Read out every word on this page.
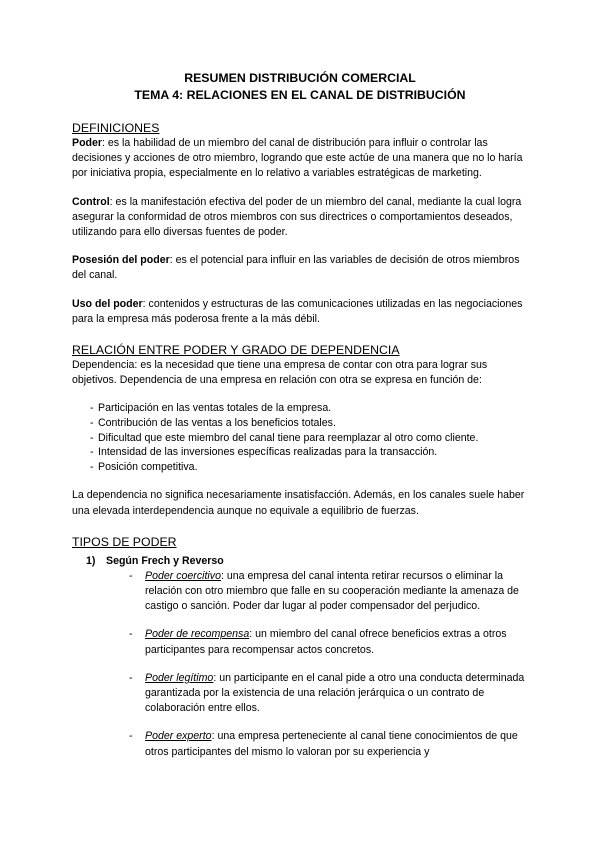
RESUMEN DISTRIBUCIÓN COMERCIAL
TEMA 4: RELACIONES EN EL CANAL DE DISTRIBUCIÓN
DEFINICIONES

Poder: es la habilidad de un miembro del canal de distribución para influir o controlar las decisiones y acciones de otro miembro, logrando que este actúe de una manera que no lo haría por iniciativa propia, especialmente en lo relativo a variables estratégicas de marketing.

Control: es la manifestación efectiva del poder de un miembro del canal, mediante la cual logra asegurar la conformidad de otros miembros con sus directrices o comportamientos deseados, utilizando para ello diversas fuentes de poder.

Posesión del poder: es el potencial para influir en las variables de decisión de otros miembros del canal.

Uso del poder: contenidos y estructuras de las comunicaciones utilizadas en las negociaciones para la empresa más poderosa frente a la más débil.

RELACIÓN ENTRE PODER Y GRADO DE DEPENDENCIA

Dependencia: es la necesidad que tiene una empresa de contar con otra para lograr sus objetivos. Dependencia de una empresa en relación con otra se expresa en función de:

- Participación en las ventas totales de la empresa.
- Contribución de las ventas a los beneficios totales.
- Dificultad que este miembro del canal tiene para reemplazar al otro como cliente.
- Intensidad de las inversiones específicas realizadas para la transacción.
- Posición competitiva.

La dependencia no significa necesariamente insatisfacción. Además, en los canales suele haber una elevada interdependencia aunque no equivale a equilibrio de fuerzas.

TIPOS DE PODER
1) Según Frech y Reverso
- Poder coercitivo: una empresa del canal intenta retirar recursos o eliminar la relación con otro miembro que falle en su cooperación mediante la amenaza de castigo o sanción. Poder dar lugar al poder compensador del perjudico.
- Poder de recompensa: un miembro del canal ofrece beneficios extras a otros participantes para recompensar actos concretos.
- Poder legítimo: un participante en el canal pide a otro una conducta determinada garantizada por la existencia de una relación jerárquica o un contrato de colaboración entre ellos.
- Poder experto: una empresa perteneciente al canal tiene conocimientos de que otros participantes del mismo lo valoran por su experiencia y
